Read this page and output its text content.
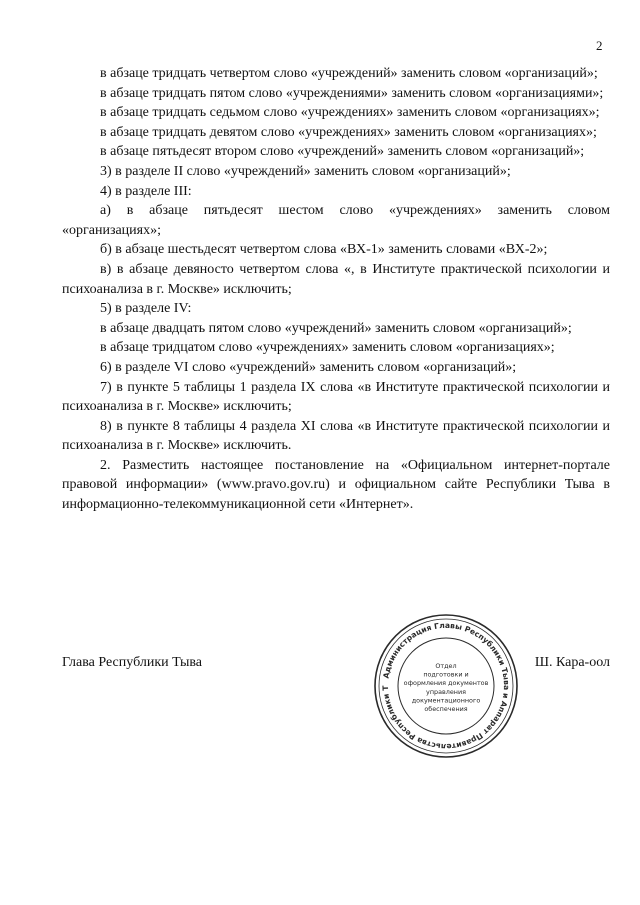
2

в абзаце тридцать четвертом слово «учреждений» заменить словом «организаций»;

в абзаце тридцать пятом слово «учреждениями» заменить словом «организациями»;

в абзаце тридцать седьмом слово «учреждениях» заменить словом «организациях»;

в абзаце тридцать девятом слово «учреждениях» заменить словом «организациях»;

в абзаце пятьдесят втором слово «учреждений» заменить словом «организаций»;

3) в разделе II слово «учреждений» заменить словом «организаций»;

4) в разделе III:

а) в абзаце пятьдесят шестом слово «учреждениях» заменить словом «организациях»;

б) в абзаце шестьдесят четвертом слова «ВХ-1» заменить словами «ВХ-2»;

в) в абзаце девяносто четвертом слова «, в Институте практической психологии и психоанализа в г. Москве» исключить;

5) в разделе IV:

в абзаце двадцать пятом слово «учреждений» заменить словом «организаций»;

в абзаце тридцатом слово «учреждениях» заменить словом «организациях»;

6) в разделе VI слово «учреждений» заменить словом «организаций»;

7) в пункте 5 таблицы 1 раздела IX слова «в Институте практической психологии и психоанализа в г. Москве» исключить;

8) в пункте 8 таблицы 4 раздела XI слова «в Институте практической психологии и психоанализа в г. Москве» исключить.

2. Разместить настоящее постановление на «Официальном интернет-портале правовой информации» (www.pravo.gov.ru) и официальном сайте Республики Тыва в информационно-телекоммуникационной сети «Интернет».

Глава Республики Тыва	Ш. Кара-оол
Администрация Главы Республики Тыва и Аппарат Правительства Республики Т
Отдел
подготовки и
оформления документов
управления
документационного
обеспечения
